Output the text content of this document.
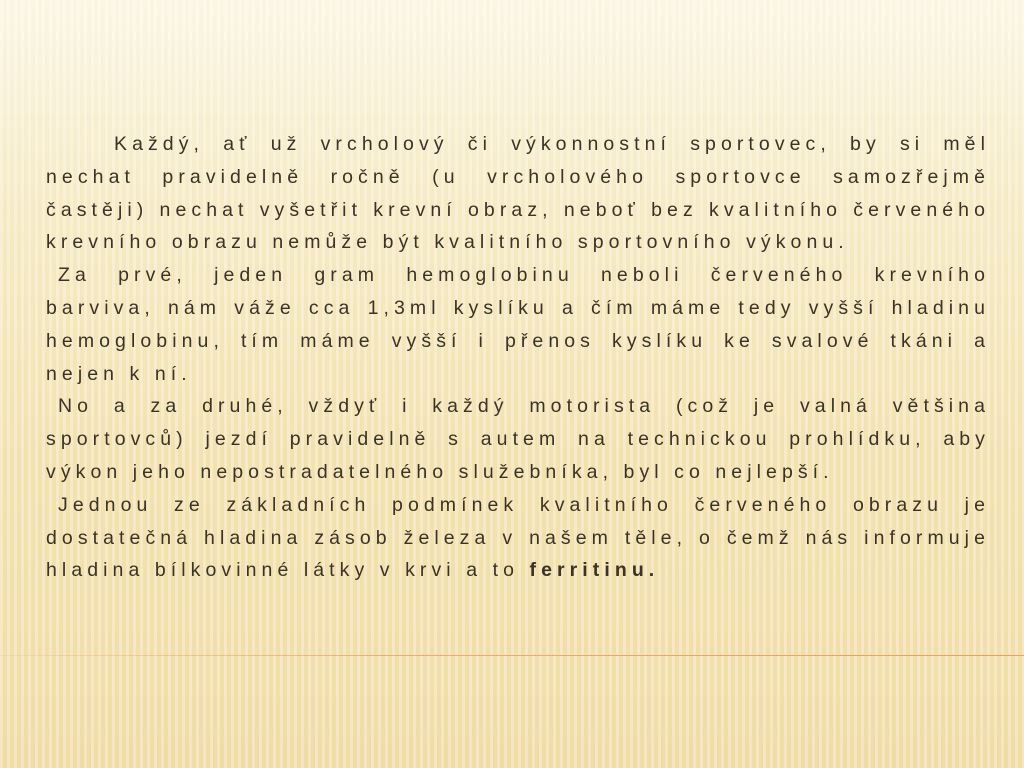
Každý, ať už vrcholový či výkonnostní sportovec, by si měl nechat pravidelně ročně (u vrcholového sportovce samozřejmě častěji) nechat vyšetřit krevní obraz, neboť bez kvalitního červeného krevního obrazu nemůže být kvalitního sportovního výkonu.

Za prvé, jeden gram hemoglobinu neboli červeného krevního barviva, nám váže cca 1,3ml kyslíku a čím máme tedy vyšší hladinu hemoglobinu, tím máme vyšší i přenos kyslíku ke svalové tkáni a nejen k ní.

No a za druhé, vždyť i každý motorista (což je valná většina sportovců) jezdí pravidelně s autem na technickou prohlídku, aby výkon jeho nepostradatelného služebníka, byl co nejlepší.

Jednou ze základních podmínek kvalitního červeného obrazu je dostatečná hladina zásob železa v našem těle, o čemž nás informuje hladina bílkovinné látky v krvi a to ferritinu.
